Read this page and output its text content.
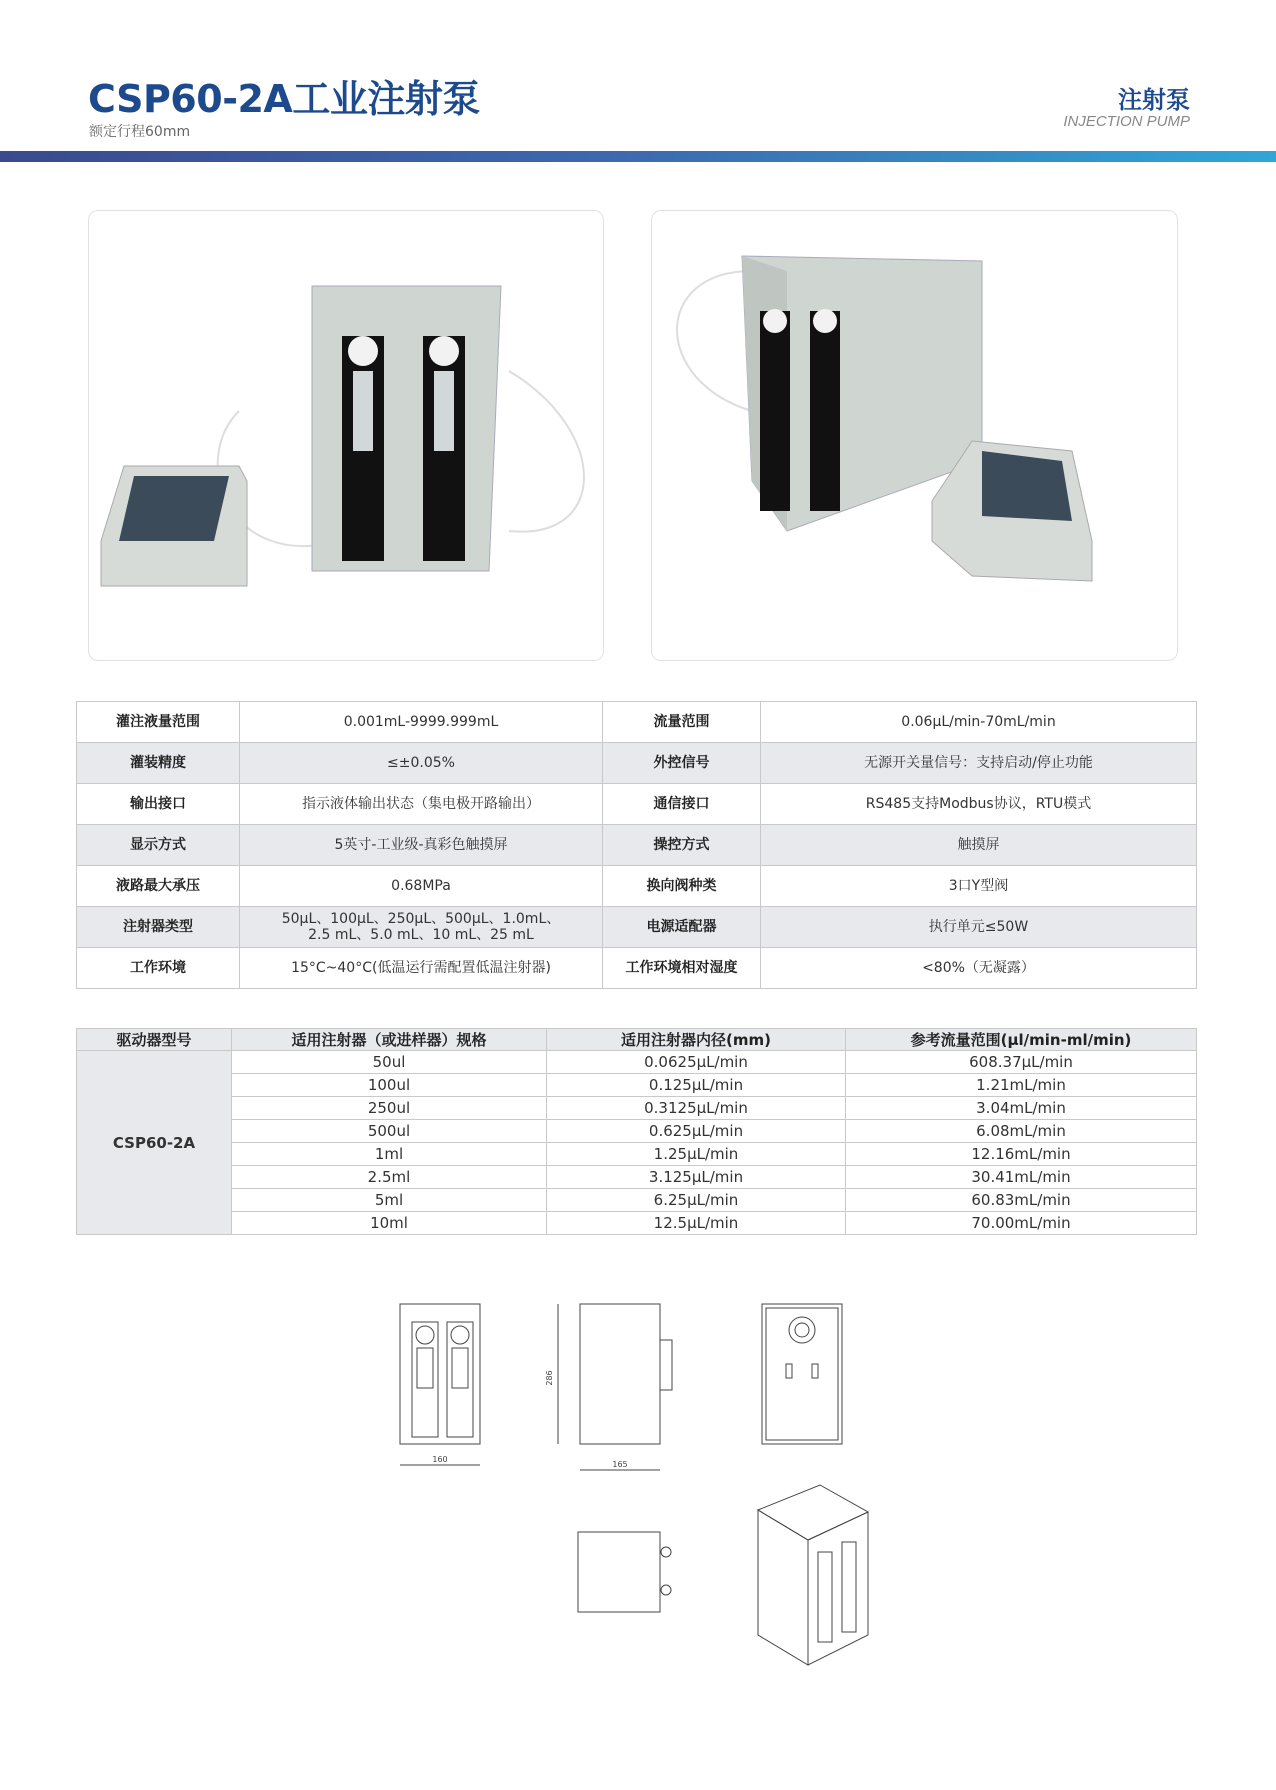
CSP60-2A工业注射泵
额定行程60mm
注射泵
INJECTION PUMP
灌注液量范围	0.001mL-9999.999mL	流量范围	0.06μL/min-70mL/min
灌装精度	≤±0.05%	外控信号	无源开关量信号：支持启动/停止功能
输出接口	指示液体输出状态（集电极开路输出）	通信接口	RS485支持Modbus协议，RTU模式
显示方式	5英寸-工业级-真彩色触摸屏	操控方式	触摸屏
液路最大承压	0.68MPa	换向阀种类	3口Y型阀
注射器类型	50μL、100μL、250μL、500μL、1.0mL、
2.5 mL、5.0 mL、10 mL、25 mL	电源适配器	执行单元≤50W
工作环境	15°C~40°C(低温运行需配置低温注射器)	工作环境相对湿度	<80%（无凝露）
驱动器型号	适用注射器（或进样器）规格	适用注射器内径(mm)	参考流量范围(μl/min-ml/min)
CSP60-2A	50ul	0.0625μL/min	608.37μL/min
	100ul	0.125μL/min	1.21mL/min
	250ul	0.3125μL/min	3.04mL/min
	500ul	0.625μL/min	6.08mL/min
	1ml	1.25μL/min	12.16mL/min
	2.5ml	3.125μL/min	30.41mL/min
	5ml	6.25μL/min	60.83mL/min
	10ml	12.5μL/min	70.00mL/min
160
286
165
